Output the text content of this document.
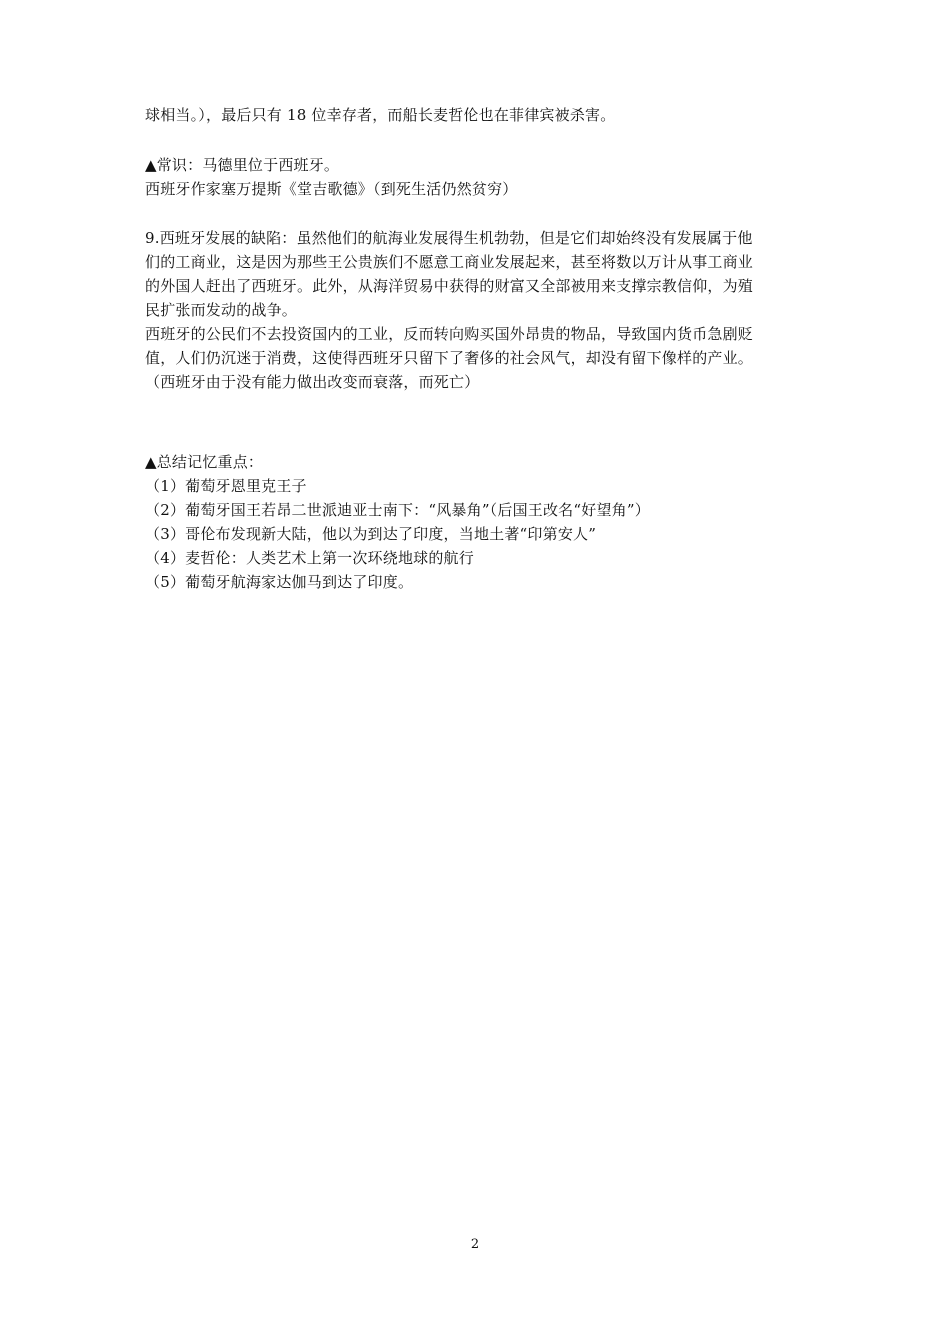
球相当。），最后只有 18 位幸存者，而船长麦哲伦也在菲律宾被杀害。
▲常识：马德里位于西班牙。
西班牙作家塞万提斯《堂吉歌德》（到死生活仍然贫穷）
9.西班牙发展的缺陷：虽然他们的航海业发展得生机勃勃，但是它们却始终没有发展属于他
们的工商业，这是因为那些王公贵族们不愿意工商业发展起来，甚至将数以万计从事工商业
的外国人赶出了西班牙。此外，从海洋贸易中获得的财富又全部被用来支撑宗教信仰，为殖
民扩张而发动的战争。
西班牙的公民们不去投资国内的工业，反而转向购买国外昂贵的物品，导致国内货币急剧贬
值，人们仍沉迷于消费，这使得西班牙只留下了奢侈的社会风气，却没有留下像样的产业。
（西班牙由于没有能力做出改变而衰落，而死亡）
▲总结记忆重点：
（1）葡萄牙恩里克王子
（2）葡萄牙国王若昂二世派迪亚士南下：“风暴角”（后国王改名“好望角”）
（3）哥伦布发现新大陆，他以为到达了印度，当地土著“印第安人”
（4）麦哲伦：人类艺术上第一次环绕地球的航行
（5）葡萄牙航海家达伽马到达了印度。
2
